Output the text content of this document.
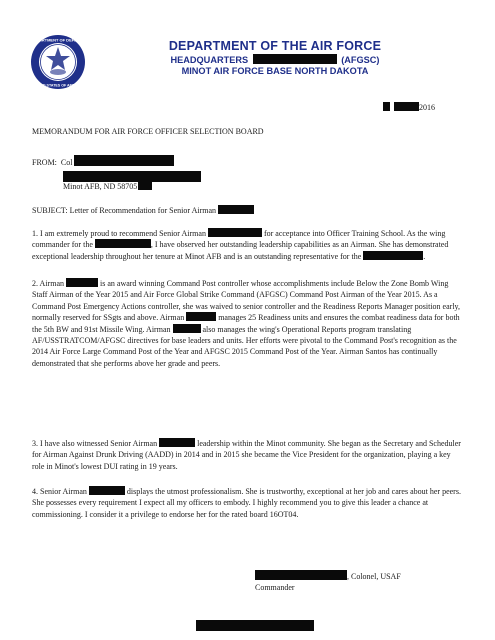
DEPARTMENT OF DEFENSE
UNITED STATES OF AMERICA
DEPARTMENT OF THE AIR FORCE
HEADQUARTERS	(AFGSC)
MINOT AIR FORCE BASE NORTH DAKOTA
2016
MEMORANDUM FOR AIR FORCE OFFICER SELECTION BOARD
FROM: Col
Minot AFB, ND 58705
SUBJECT: Letter of Recommendation for Senior Airman
1. I am extremely proud to recommend Senior Airman	for acceptance into Officer Training School. As the wing commander for the	, I have observed her outstanding leadership capabilities as an Airman. She has demonstrated exceptional leadership throughout her tenure at Minot AFB and is an outstanding representative for the	.
2. Airman	is an award winning Command Post controller whose accomplishments include Below the Zone Bomb Wing Staff Airman of the Year 2015 and Air Force Global Strike Command (AFGSC) Command Post Airman of the Year 2015. As a Command Post Emergency Actions controller, she was waived to senior controller and the Readiness Reports Manager position early, normally reserved for SSgts and above. Airman	manages 25 Readiness units and ensures the combat readiness data for both the 5th BW and 91st Missile Wing. Airman	also manages the wing's Operational Reports program translating AF/USSTRATCOM/AFGSC directives for base leaders and units. Her efforts were pivotal to the Command Post's recognition as the 2014 Air Force Large Command Post of the Year and AFGSC 2015 Command Post of the Year. Airman Santos has continually demonstrated that she performs above her grade and peers.
3. I have also witnessed Senior Airman	leadership within the Minot community. She began as the Secretary and Scheduler for Airman Against Drunk Driving (AADD) in 2014 and in 2015 she became the Vice President for the organization, playing a key role in Minot's lowest DUI rating in 19 years.
4. Senior Airman	displays the utmost professionalism. She is trustworthy, exceptional at her job and cares about her peers. She possesses every requirement I expect all my officers to embody. I highly recommend you to give this leader a chance at commissioning. I consider it a privilege to endorse her for the rated board 16OT04.
, Colonel, USAF
Commander
